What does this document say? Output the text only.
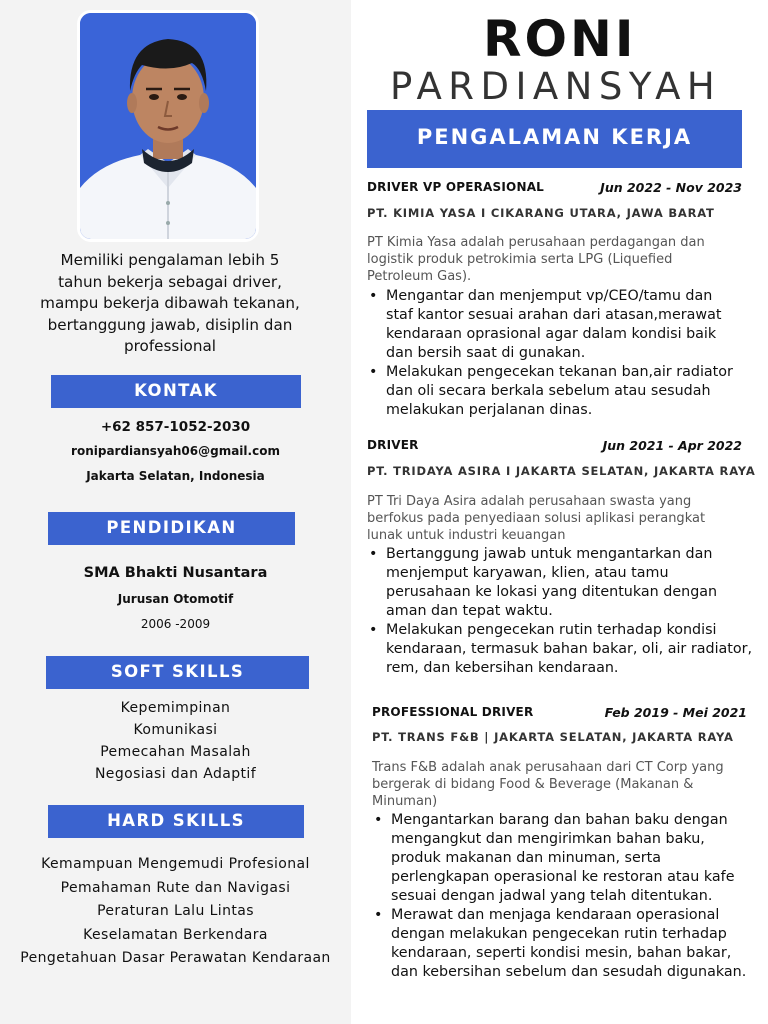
Memiliki pengalaman lebih 5
tahun bekerja sebagai driver,
mampu bekerja dibawah tekanan,
bertanggung jawab, disiplin dan
professional
KONTAK
+62 857-1052-2030
ronipardiansyah06@gmail.com
Jakarta Selatan, Indonesia
PENDIDIKAN
SMA Bhakti Nusantara
Jurusan Otomotif
2006 -2009
SOFT SKILLS
Kepemimpinan
Komunikasi
Pemecahan Masalah
Negosiasi dan Adaptif
HARD SKILLS
Kemampuan Mengemudi Profesional
Pemahaman Rute dan Navigasi
Peraturan Lalu Lintas
Keselamatan Berkendara
Pengetahuan Dasar Perawatan Kendaraan
RONI
PARDIANSYAH
PENGALAMAN KERJA
DRIVER VP OPERASIONAL	Jun 2022 - Nov 2023
PT. KIMIA YASA I CIKARANG UTARA, JAWA BARAT
PT Kimia Yasa adalah perusahaan perdagangan dan
logistik produk petrokimia serta LPG (Liquefied
Petroleum Gas).
• Mengantar dan menjemput vp/CEO/tamu dan
staf kantor sesuai arahan dari atasan,merawat
kendaraan oprasional agar dalam kondisi baik
dan bersih saat di gunakan.
• Melakukan pengecekan tekanan ban,air radiator
dan oli secara berkala sebelum atau sesudah
melakukan perjalanan dinas.
DRIVER	Jun 2021 - Apr 2022
PT. TRIDAYA ASIRA I JAKARTA SELATAN, JAKARTA RAYA
PT Tri Daya Asira adalah perusahaan swasta yang
berfokus pada penyediaan solusi aplikasi perangkat
lunak untuk industri keuangan
• Bertanggung jawab untuk mengantarkan dan
menjemput karyawan, klien, atau tamu
perusahaan ke lokasi yang ditentukan dengan
aman dan tepat waktu.
• Melakukan pengecekan rutin terhadap kondisi
kendaraan, termasuk bahan bakar, oli, air radiator,
rem, dan kebersihan kendaraan.
PROFESSIONAL DRIVER	Feb 2019 - Mei 2021
PT. TRANS F&B | JAKARTA SELATAN, JAKARTA RAYA
Trans F&B adalah anak perusahaan dari CT Corp yang
bergerak di bidang Food & Beverage (Makanan &
Minuman)
• Mengantarkan barang dan bahan baku dengan
mengangkut dan mengirimkan bahan baku,
produk makanan dan minuman, serta
perlengkapan operasional ke restoran atau kafe
sesuai dengan jadwal yang telah ditentukan.
• Merawat dan menjaga kendaraan operasional
dengan melakukan pengecekan rutin terhadap
kendaraan, seperti kondisi mesin, bahan bakar,
dan kebersihan sebelum dan sesudah digunakan.
